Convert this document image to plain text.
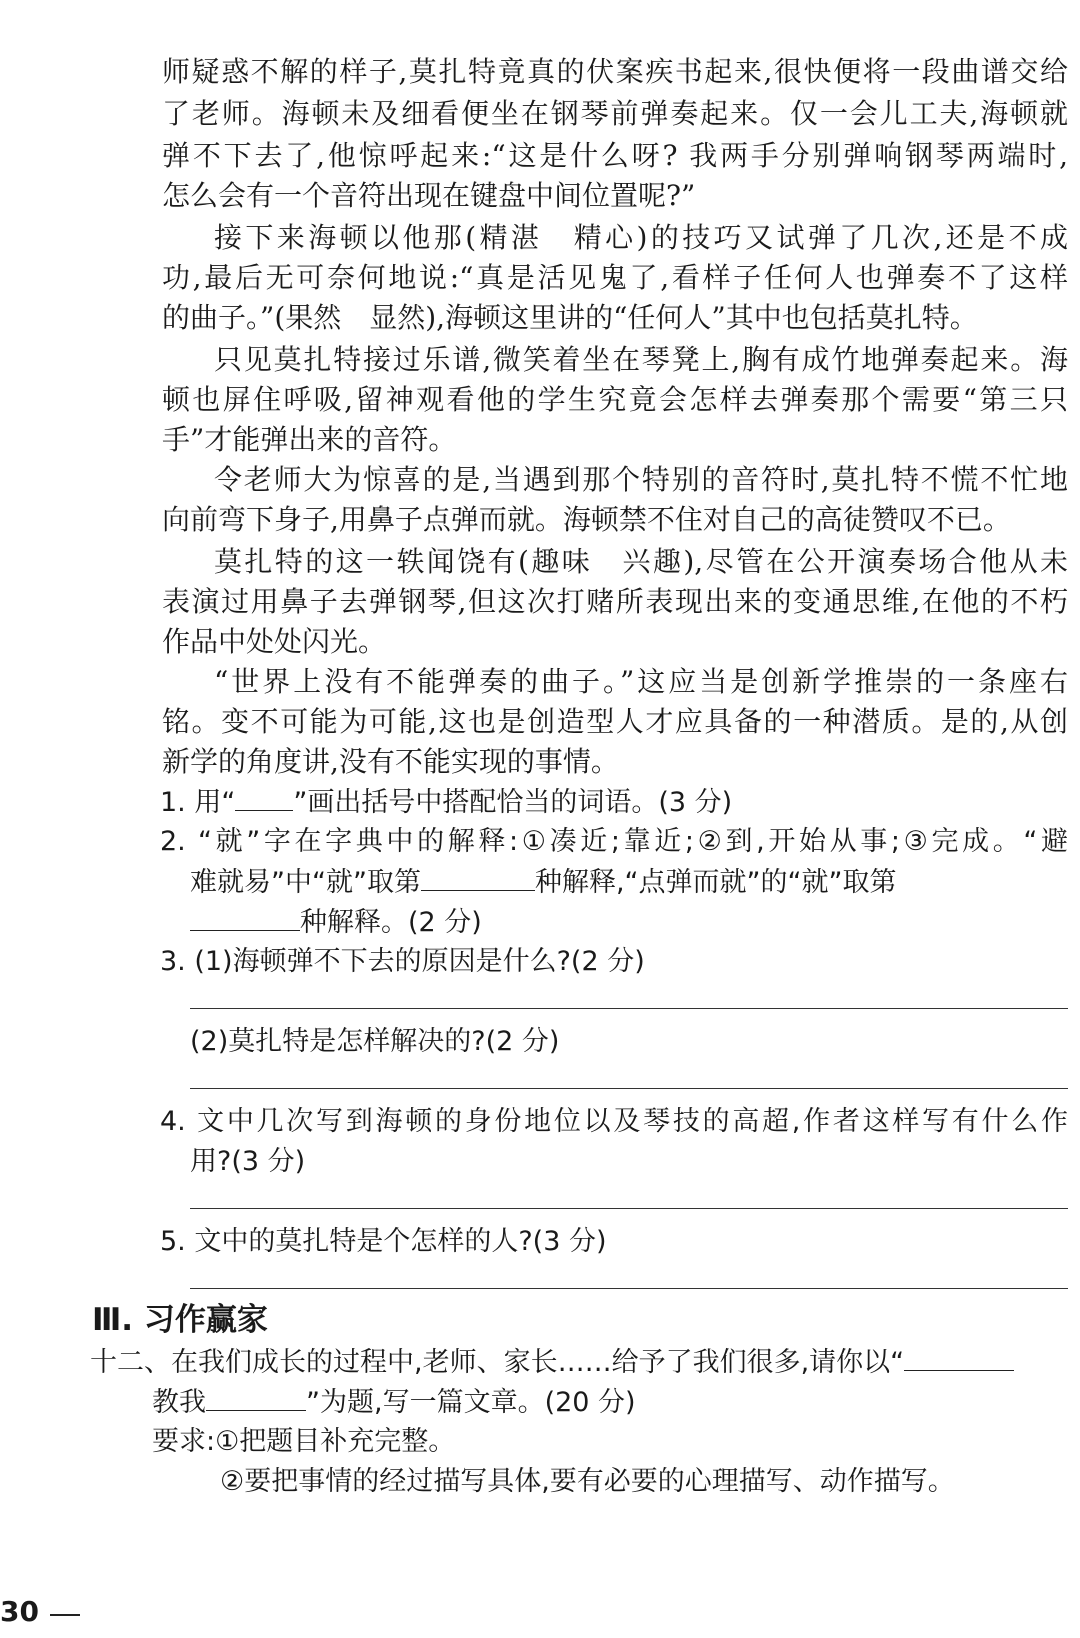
师疑惑不解的样子,莫扎特竟真的伏案疾书起来,很快便将一段曲谱交给
了老师。海顿未及细看便坐在钢琴前弹奏起来。仅一会儿工夫,海顿就
弹不下去了,他惊呼起来:“这是什么呀? 我两手分别弹响钢琴两端时,
怎么会有一个音符出现在键盘中间位置呢?”
接下来海顿以他那(精湛　精心)的技巧又试弹了几次,还是不成
功,最后无可奈何地说:“真是活见鬼了,看样子任何人也弹奏不了这样
的曲子。”(果然　显然),海顿这里讲的“任何人”其中也包括莫扎特。
只见莫扎特接过乐谱,微笑着坐在琴凳上,胸有成竹地弹奏起来。海
顿也屏住呼吸,留神观看他的学生究竟会怎样去弹奏那个需要“第三只
手”才能弹出来的音符。
令老师大为惊喜的是,当遇到那个特别的音符时,莫扎特不慌不忙地
向前弯下身子,用鼻子点弹而就。海顿禁不住对自己的高徒赞叹不已。
莫扎特的这一轶闻饶有(趣味　兴趣),尽管在公开演奏场合他从未
表演过用鼻子去弹钢琴,但这次打赌所表现出来的变通思维,在他的不朽
作品中处处闪光。
“世界上没有不能弹奏的曲子。”这应当是创新学推崇的一条座右
铭。变不可能为可能,这也是创造型人才应具备的一种潜质。是的,从创
新学的角度讲,没有不能实现的事情。
1. 用“ ”画出括号中搭配恰当的词语。(3 分)
2. “就”字在字典中的解释:①凑近;靠近;②到,开始从事;③完成。“避
难就易”中“就”取第	种解释,“点弹而就”的“就”取第
种解释。(2 分)
3. (1)海顿弹不下去的原因是什么?(2 分)
(2)莫扎特是怎样解决的?(2 分)
4. 文中几次写到海顿的身份地位以及琴技的高超,作者这样写有什么作
用?(3 分)
5. 文中的莫扎特是个怎样的人?(3 分)
Ⅲ. 习作赢家
十二、在我们成长的过程中,老师、家长……给予了我们很多,请你以“
教我	”为题,写一篇文章。(20 分)
要求:①把题目补充完整。
②要把事情的经过描写具体,要有必要的心理描写、动作描写。
30
